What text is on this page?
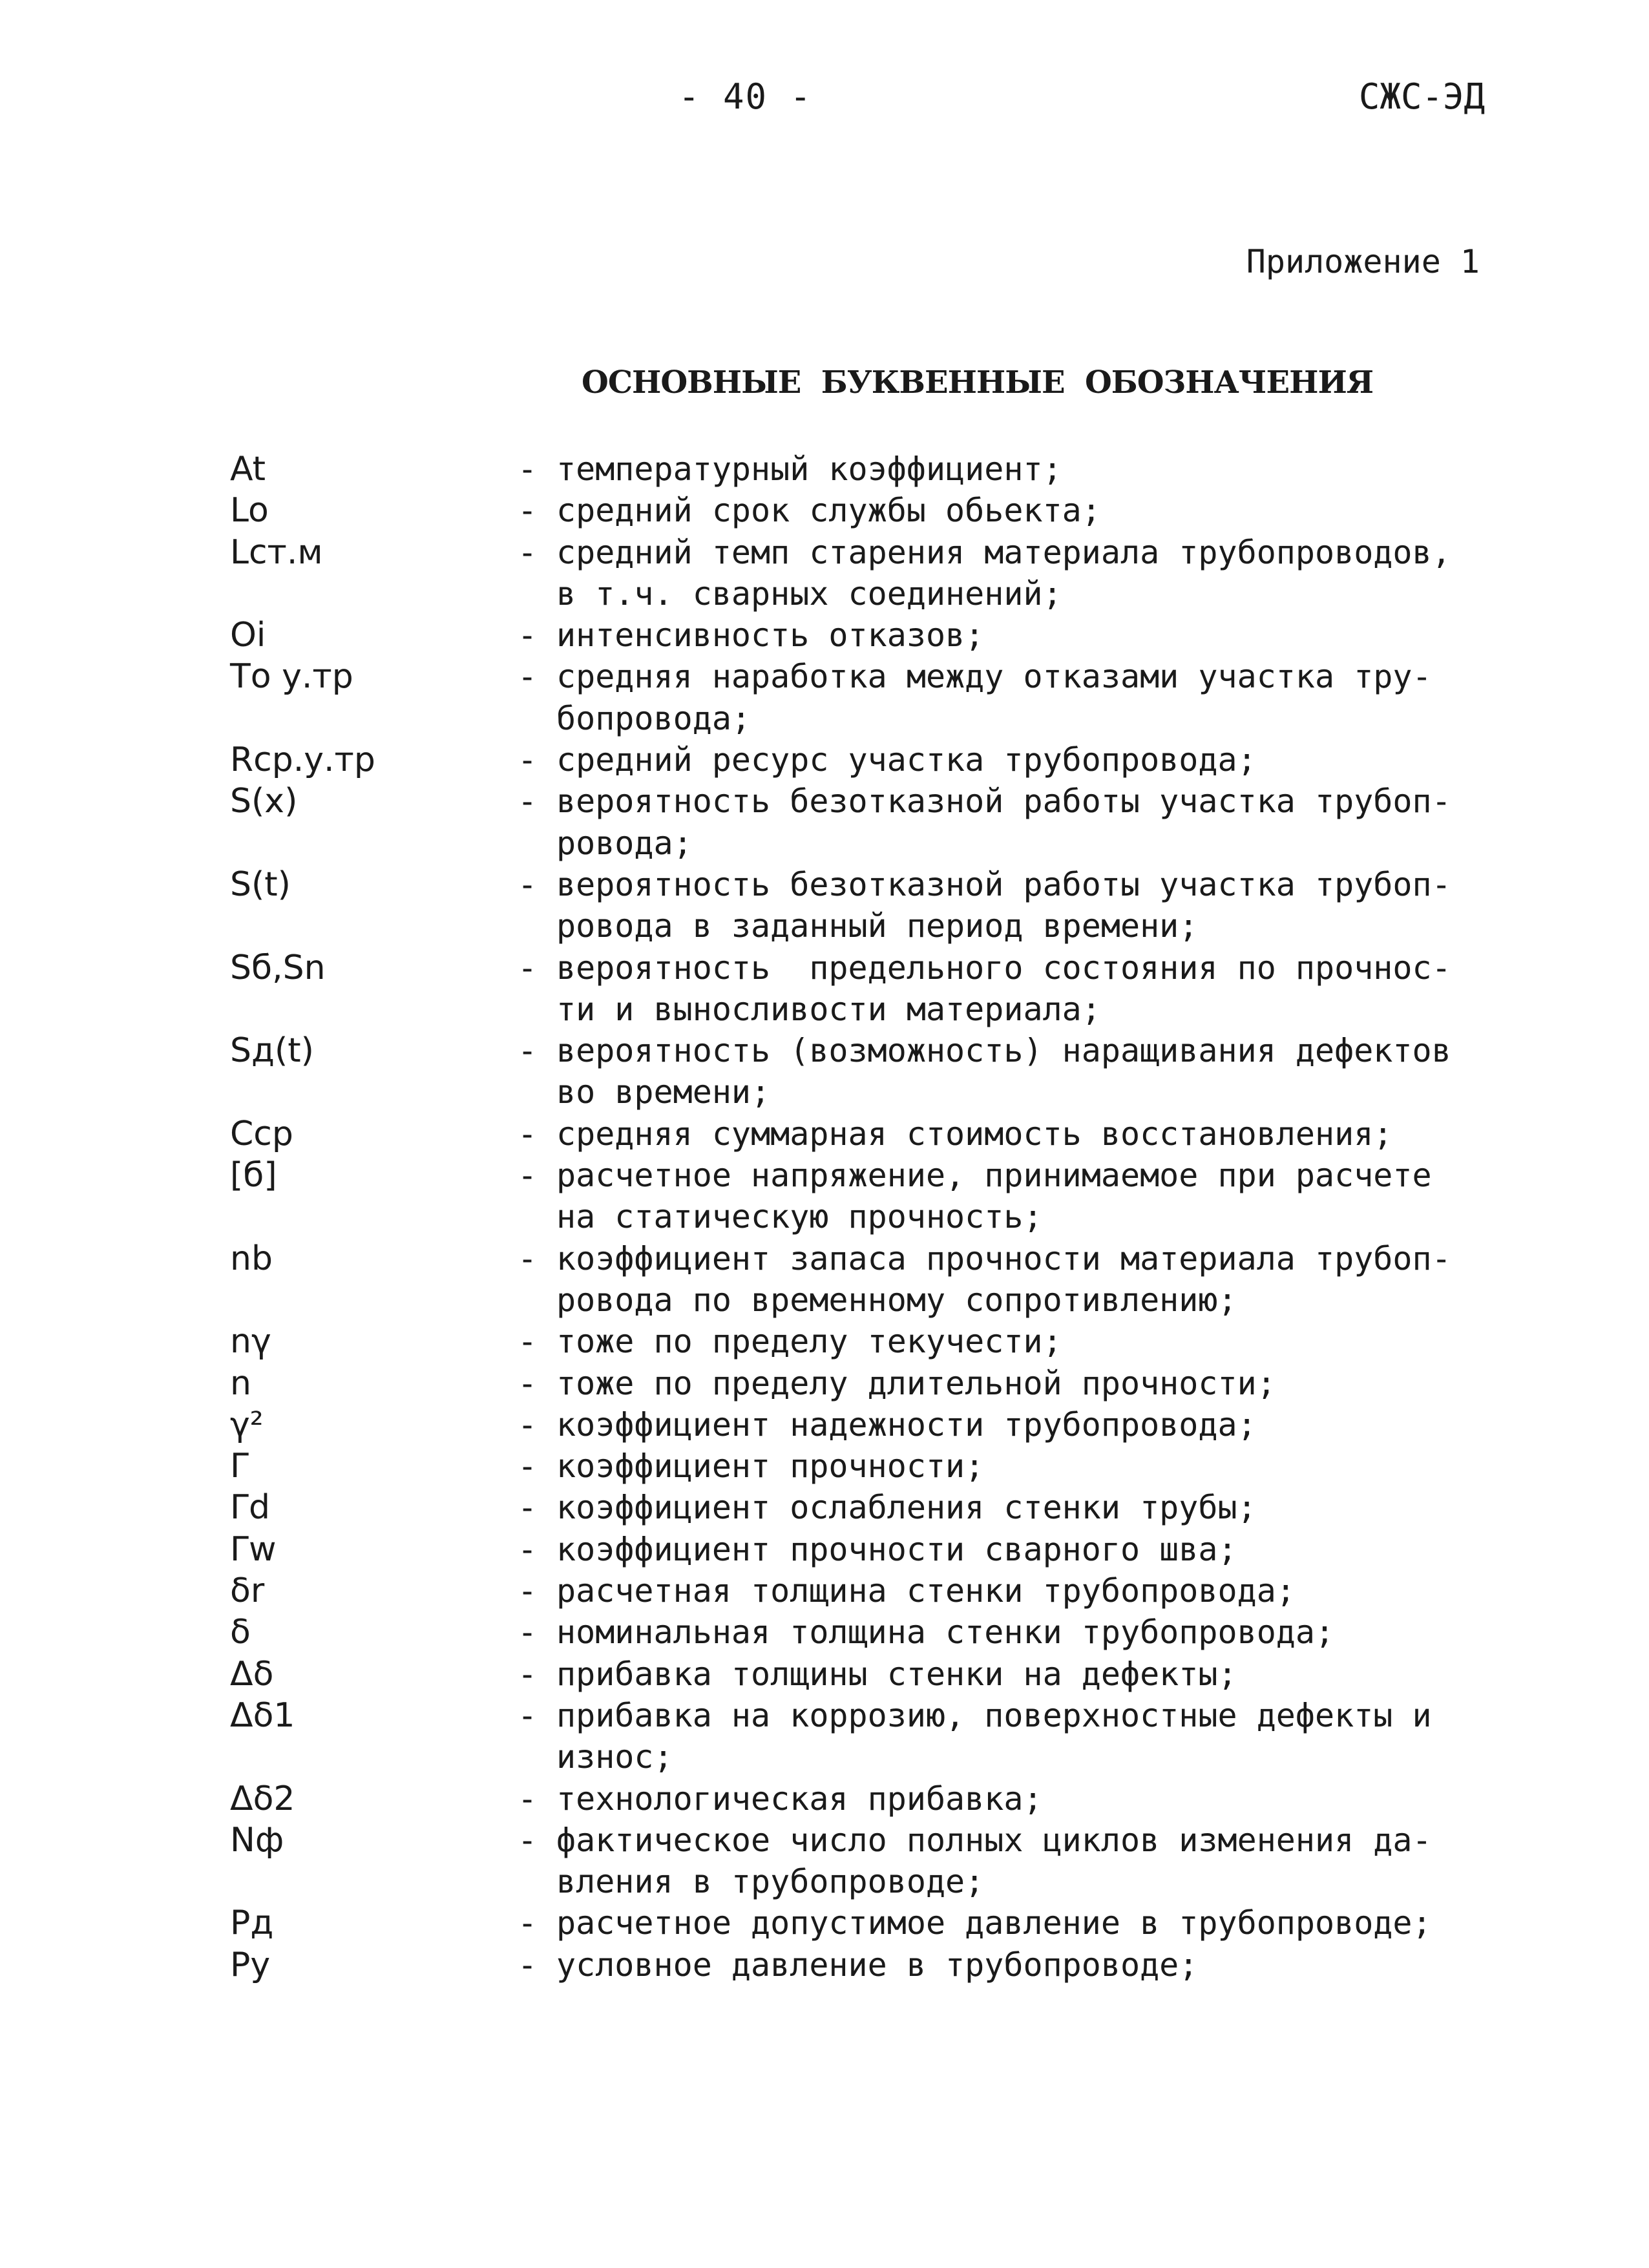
- 40 -	СЖС-ЭД
Приложение 1
ОСНОВНЫЕ  БУКВЕННЫЕ  ОБОЗНАЧЕНИЯ
At	- температурный коэффициент;
Lo	- средний срок службы обьекта;
Lст.м	- средний темп старения материала трубопроводов,
в т.ч. сварных соединений;
Oi	- интенсивность отказов;
То у.тр	- средняя наработка между отказами участка тру-
бопровода;
Rср.у.тр	- средний ресурс участка трубопровода;
S(x)	- вероятность безотказной работы участка трубоп-
ровода;
S(t)	- вероятность безотказной работы участка трубоп-
ровода в заданный период времени;
Sб,Sn	- вероятность  предельного состояния по прочнос-
ти и выносливости материала;
Sд(t)	- вероятность (возможность) наращивания дефектов
во времени;
Cср	- средняя суммарная стоимость восстановления;
[б]	- расчетное напряжение, принимаемое при расчете
на статическую прочность;
nb	- коэффициент запаса прочности материала трубоп-
ровода по временному сопротивлению;
nγ	- тоже по пределу текучести;
n	- тоже по пределу длительной прочности;
γ²	- коэффициент надежности трубопровода;
Γ	- коэффициент прочности;
Γd	- коэффициент ослабления стенки трубы;
Γw	- коэффициент прочности сварного шва;
δr	- расчетная толщина стенки трубопровода;
δ	- номинальная толщина стенки трубопровода;
Δδ	- прибавка толщины стенки на дефекты;
Δδ1	- прибавка на коррозию, поверхностные дефекты и
износ;
Δδ2	- технологическая прибавка;
Nф	- фактическое число полных циклов изменения да-
вления в трубопроводе;
Pд	- расчетное допустимое давление в трубопроводе;
Py	- условное давление в трубопроводе;
